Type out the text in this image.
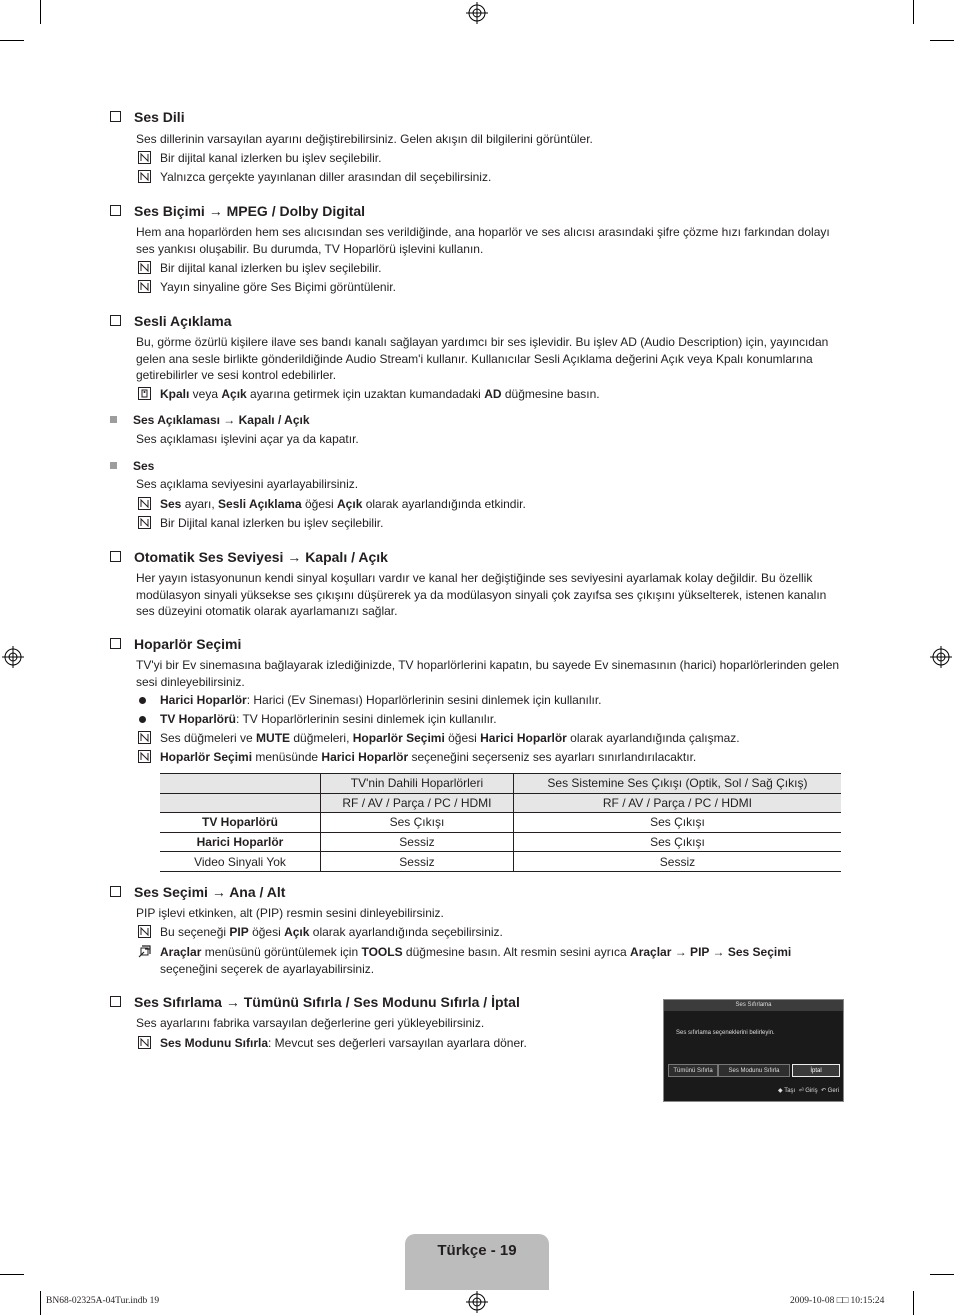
Ses Dili
Ses dillerinin varsayılan ayarını değiştirebilirsiniz. Gelen akışın dil bilgilerini görüntüler.
Bir dijital kanal izlerken bu işlev seçilebilir.
Yalnızca gerçekte yayınlanan diller arasından dil seçebilirsiniz.
Ses Biçimi → MPEG / Dolby Digital
Hem ana hoparlörden hem ses alıcısından ses verildiğinde, ana hoparlör ve ses alıcısı arasındaki şifre çözme hızı farkından dolayı ses yankısı oluşabilir. Bu durumda, TV Hoparlörü işlevini kullanın.
Bir dijital kanal izlerken bu işlev seçilebilir.
Yayın sinyaline göre Ses Biçimi görüntülenir.
Sesli Açıklama
Bu, görme özürlü kişilere ilave ses bandı kanalı sağlayan yardımcı bir ses işlevidir. Bu işlev AD (Audio Description) için, yayıncıdan gelen ana sesle birlikte gönderildiğinde Audio Stream'i kullanır. Kullanıcılar Sesli Açıklama değerini Açık veya Kpalı konumlarına getirebilirler ve sesi kontrol edebilirler.
Kpalı veya Açık ayarına getirmek için uzaktan kumandadaki AD düğmesine basın.
Ses Açıklaması → Kapalı / Açık
Ses açıklaması işlevini açar ya da kapatır.
Ses
Ses açıklama seviyesini ayarlayabilirsiniz.
Ses ayarı, Sesli Açıklama öğesi Açık olarak ayarlandığında etkindir.
Bir Dijital kanal izlerken bu işlev seçilebilir.
Otomatik Ses Seviyesi → Kapalı / Açık
Her yayın istasyonunun kendi sinyal koşulları vardır ve kanal her değiştiğinde ses seviyesini ayarlamak kolay değildir. Bu özellik modülasyon sinyali yüksekse ses çıkışını düşürerek ya da modülasyon sinyali çok zayıfsa ses çıkışını yükselterek, istenen kanalın ses düzeyini otomatik olarak ayarlamanızı sağlar.
Hoparlör Seçimi
TV'yi bir Ev sinemasına bağlayarak izlediğinizde, TV hoparlörlerini kapatın, bu sayede Ev sinemasının (harici) hoparlörlerinden gelen sesi dinleyebilirsiniz.
Harici Hoparlör: Harici (Ev Sineması) Hoparlörlerinin sesini dinlemek için kullanılır.
TV Hoparlörü: TV Hoparlörlerinin sesini dinlemek için kullanılır.
Ses düğmeleri ve MUTE düğmeleri, Hoparlör Seçimi öğesi Harici Hoparlör olarak ayarlandığında çalışmaz.
Hoparlör Seçimi menüsünde Harici Hoparlör seçeneğini seçerseniz ses ayarları sınırlandırılacaktır.
Ses Seçimi → Ana / Alt
PIP işlevi etkinken, alt (PIP) resmin sesini dinleyebilirsiniz.
Bu seçeneği PIP öğesi Açık olarak ayarlandığında seçebilirsiniz.
Araçlar menüsünü görüntülemek için TOOLS düğmesine basın. Alt resmin sesini ayrıca Araçlar → PIP → Ses Seçimi seçeneğini seçerek de ayarlayabilirsiniz.
Ses Sıfırlama → Tümünü Sıfırla / Ses Modunu Sıfırla / İptal
Ses ayarlarını fabrika varsayılan değerlerine geri yükleyebilirsiniz.
Ses Modunu Sıfırla: Mevcut ses değerleri varsayılan ayarlara döner.
	TV'nin Dahili Hoparlörleri	Ses Sistemine Ses Çıkışı (Optik, Sol / Sağ Çıkış)
	RF / AV / Parça / PC / HDMI	RF / AV / Parça / PC / HDMI
TV Hoparlörü	Ses Çıkışı	Ses Çıkışı
Harici Hoparlör	Sessiz	Ses Çıkışı
Video Sinyali Yok	Sessiz	Sessiz
Ses Sıfırlama
Ses sıfırlama seçeneklerini belirleyin.
Tümünü Sıfırla	Ses Modunu Sıfırla	İptal
◆ Taşı ⏎ Giriş ↶ Geri
Türkçe - 19
BN68-02325A-04Tur.indb 19	2009-10-08 □□ 10:15:24
